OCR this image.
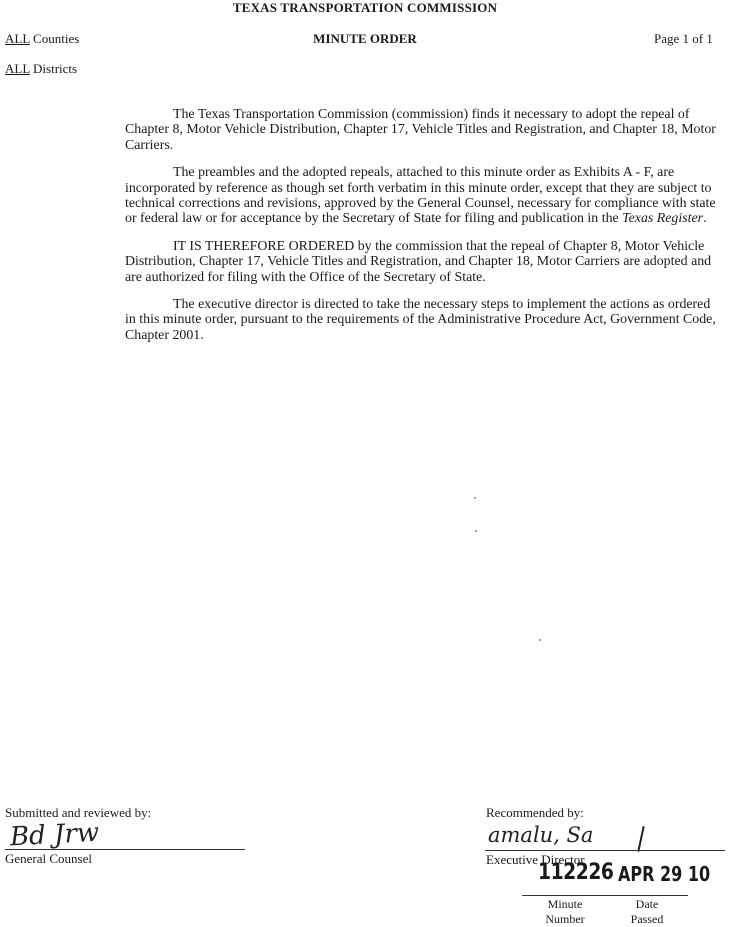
TEXAS TRANSPORTATION COMMISSION
MINUTE ORDER	Page 1 of 1
ALL Counties
ALL Districts

The Texas Transportation Commission (commission) finds it necessary to adopt the repeal of Chapter 8, Motor Vehicle Distribution, Chapter 17, Vehicle Titles and Registration, and Chapter 18, Motor Carriers.

The preambles and the adopted repeals, attached to this minute order as Exhibits A - F, are incorporated by reference as though set forth verbatim in this minute order, except that they are subject to technical corrections and revisions, approved by the General Counsel, necessary for compliance with state or federal law or for acceptance by the Secretary of State for filing and publication in the Texas Register.

IT IS THEREFORE ORDERED by the commission that the repeal of Chapter 8, Motor Vehicle Distribution, Chapter 17, Vehicle Titles and Registration, and Chapter 18, Motor Carriers are adopted and are authorized for filing with the Office of the Secretary of State.

The executive director is directed to take the necessary steps to implement the actions as ordered in this minute order, pursuant to the requirements of the Administrative Procedure Act, Government Code, Chapter 2001.

Submitted and reviewed by:
Bd Jrw
General Counsel
Recommended by:
amalu, Sa
Executive Director
112226 APR 29 10
Minute
Number
Date
Passed
